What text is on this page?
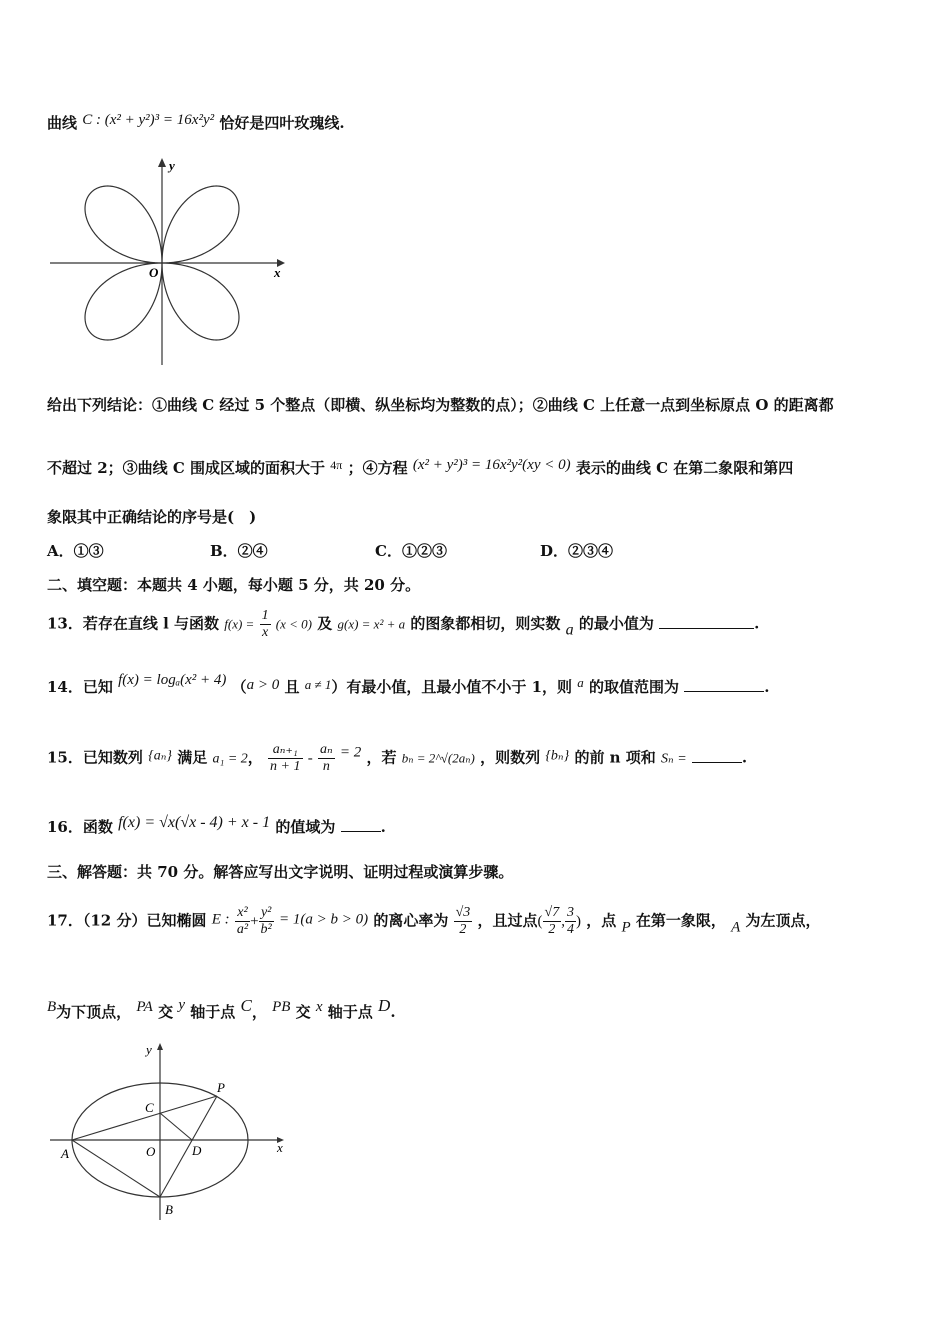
曲线 C : (x² + y²)³ = 16x²y² 恰好是四叶玫瑰线.
x
y
O
给出下列结论：①曲线 C 经过 5 个整点（即横、纵坐标均为整数的点）；②曲线 C 上任意一点到坐标原点 O 的距离都
不超过 2；③曲线 C 围成区域的面积大于 $^{4\pi}$ ；④方程 (x² + y²)³ = 16x²y²(xy < 0) 表示的曲线 C 在第二象限和第四
象限其中正确结论的序号是(　)
A．①③	B．②④	C．①②③	D．②③④
二、填空题：本题共 4 小题，每小题 5 分，共 20 分。
13．若存在直线 l 与函数 $f(x) = \frac{1}{x} (x < 0)$ 及 g(x) = x² + a 的图象都相切，则实数 a 的最小值为	.
14．已知 f(x) = logₐ(x² + 4) （a > 0 且 a ≠ 1）有最小值，且最小值不小于 1，则 a 的取值范围为	.
15．已知数列 {aₙ} 满足 a₁ = 2， $\frac{\text{aₙ₊₁}}{n + 1} - \frac{\text{aₙ}}{n} = 2$ ，若 bₙ = 2^√(2aₙ) ，则数列 {bₙ} 的前 n 项和 Sₙ =	.
16．函数 f(x) = √x(√x - 4) + x - 1 的值域为	.
三、解答题：共 70 分。解答应写出文字说明、证明过程或演算步骤。
17．（12 分）已知椭圆 E : $\frac{\text{x²}}{\text{a²}} + \frac{\text{y²}}{\text{b²}} = 1(a > b > 0)$ 的离心率为 $\frac{√3}{2}$ ，且过点( $\frac{√7}{2}$ , $\frac{3}{4}$ ) ，点 P 在第一象限， A 为左顶点，
B为下顶点， PA 交 y 轴于点 C， PB 交 x 轴于点 D.
x
y
A
B
C
D
O
P
